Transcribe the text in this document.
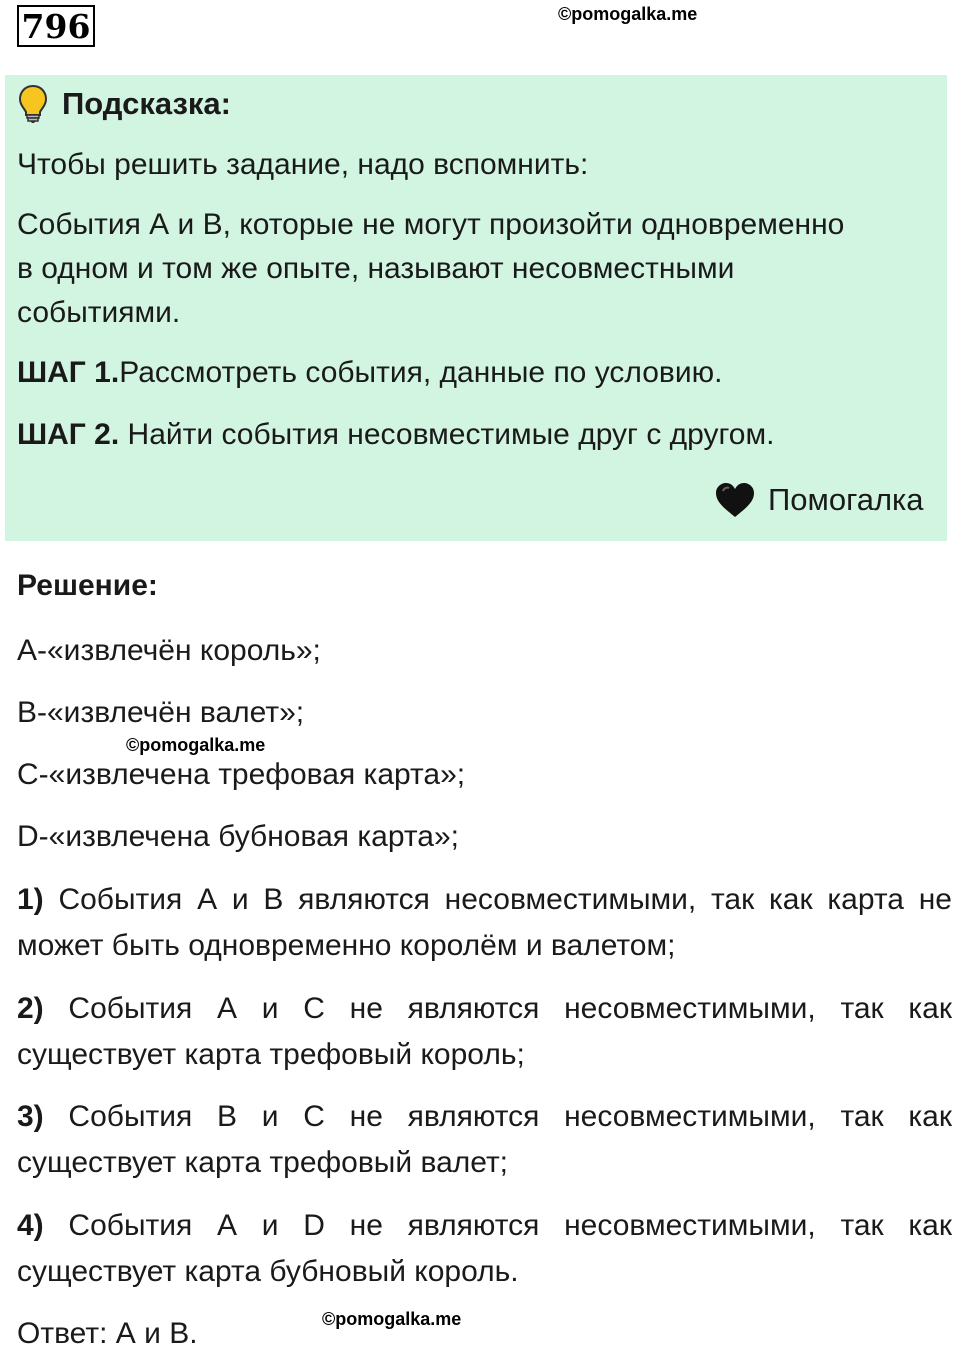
796	©pomogalka.me
Подсказка:
Чтобы решить задание, надо вспомнить:
События А и В, которые не могут произойти одновременно
в одном и том же опыте, называют несовместными
событиями.
ШАГ 1.Рассмотреть события, данные по условию.
ШАГ 2. Найти события несовместимые друг с другом.
Помогалка
Решение:
А-«извлечён король»;
В-«извлечён валет»;
©pomogalka.me
С-«извлечена трефовая карта»;
D-«извлечена бубновая карта»;
1) События А и В являются несовместимыми, так как карта не может быть одновременно королём и валетом;
2) События А и С не являются несовместимыми, так как существует карта трефовый король;
3) События В и С не являются несовместимыми, так как существует карта трефовый валет;
4) События А и D не являются несовместимыми, так как существует карта бубновый король.
Ответ: А и В.	©pomogalka.me
